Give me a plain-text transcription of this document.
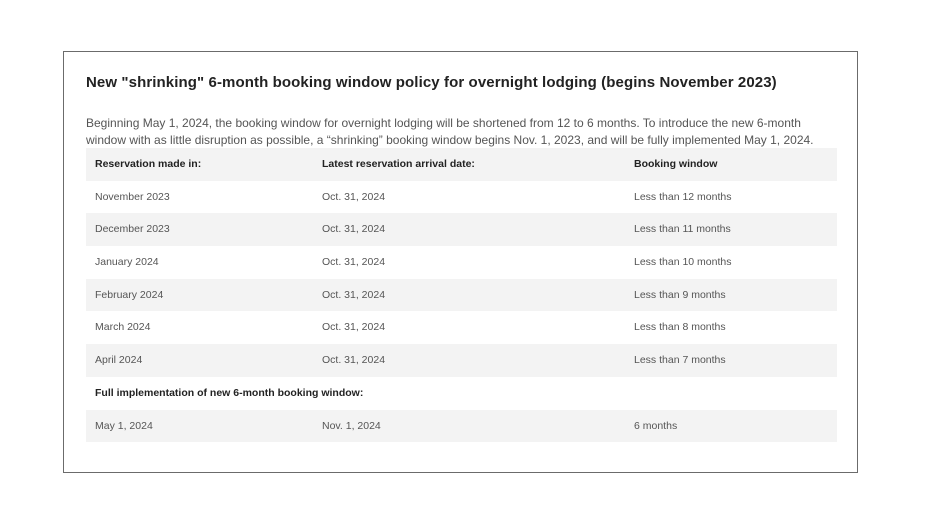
New "shrinking" 6-month booking window policy for overnight lodging (begins November 2023)

Beginning May 1, 2024, the booking window for overnight lodging will be shortened from 12 to 6 months. To introduce the new 6-month window with as little disruption as possible, a “shrinking” booking window begins Nov. 1, 2023, and will be fully implemented May 1, 2024.

Reservation made in:	Latest reservation arrival date:	Booking window
November 2023	Oct. 31, 2024	Less than 12 months
December 2023	Oct. 31, 2024	Less than 11 months
January 2024	Oct. 31, 2024	Less than 10 months
February 2024	Oct. 31, 2024	Less than 9 months
March 2024	Oct. 31, 2024	Less than 8 months
April 2024	Oct. 31, 2024	Less than 7 months
Full implementation of new 6-month booking window:
May 1, 2024	Nov. 1, 2024	6 months
